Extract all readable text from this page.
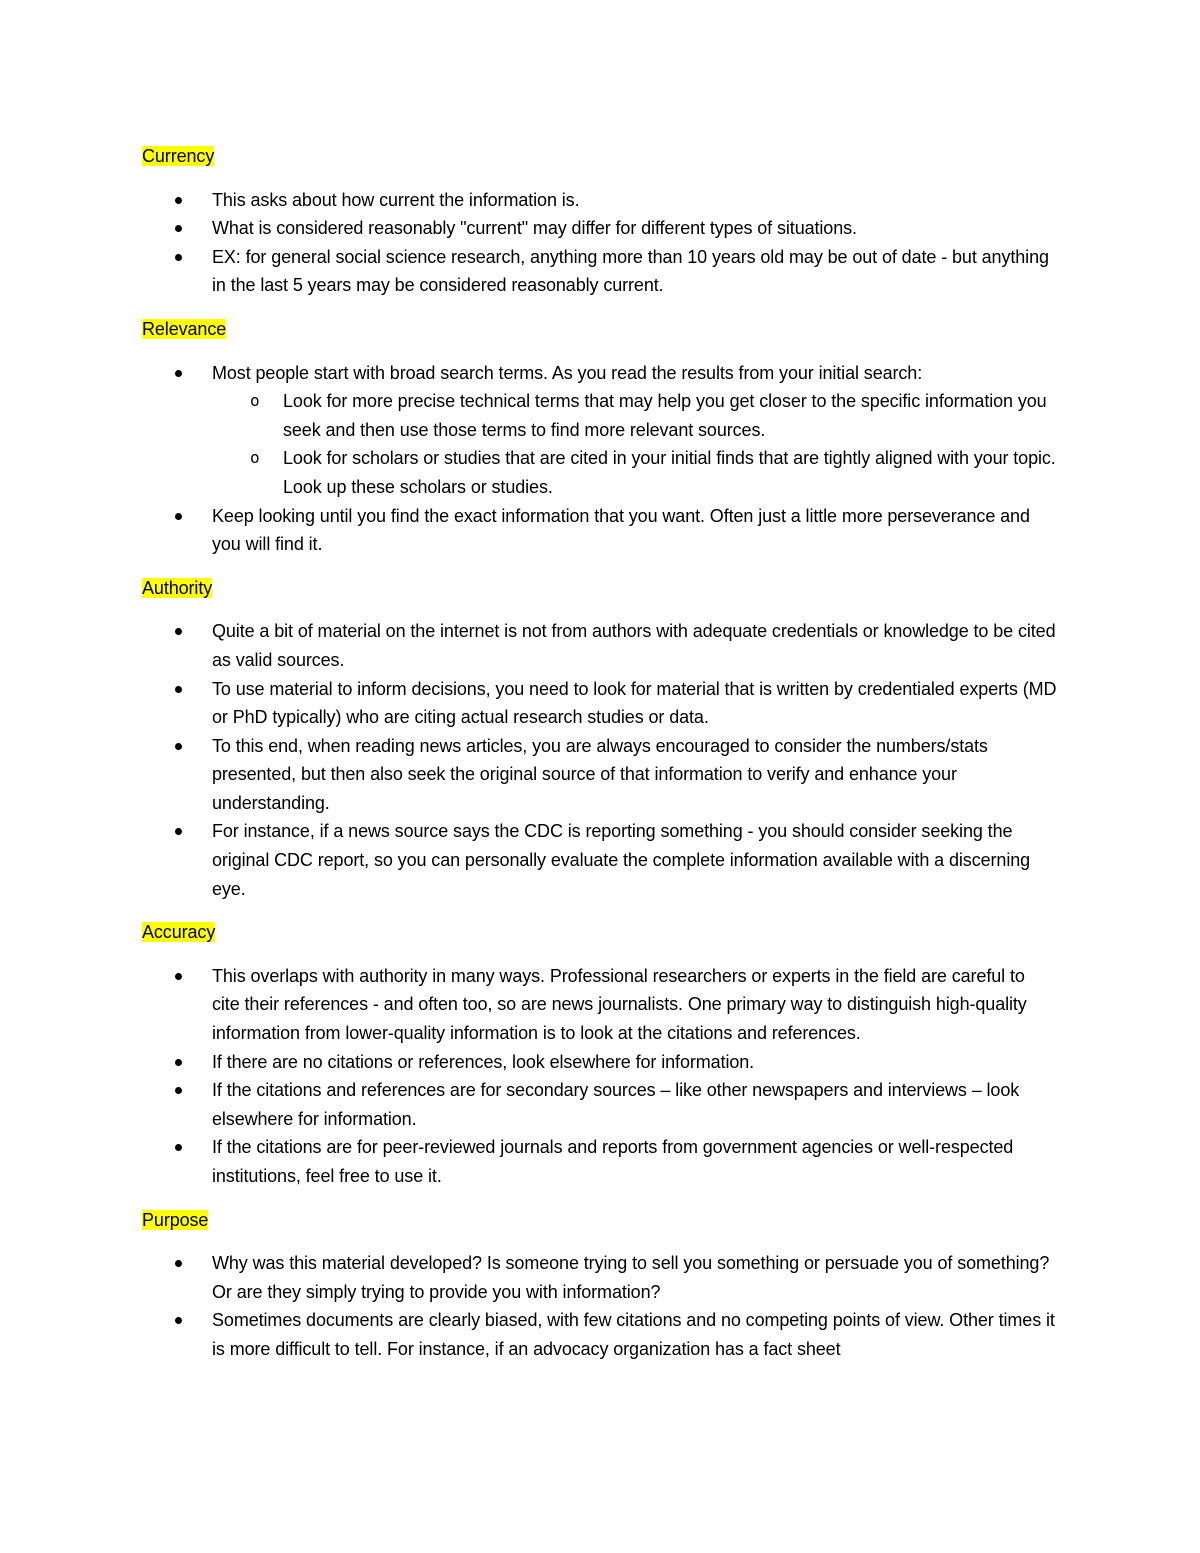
Currency
This asks about how current the information is.
What is considered reasonably "current" may differ for different types of situations.
EX: for general social science research, anything more than 10 years old may be out of date - but anything in the last 5 years may be considered reasonably current.
Relevance
Most people start with broad search terms. As you read the results from your initial search:
o Look for more precise technical terms that may help you get closer to the specific information you seek and then use those terms to find more relevant sources.
o Look for scholars or studies that are cited in your initial finds that are tightly aligned with your topic. Look up these scholars or studies.
Keep looking until you find the exact information that you want. Often just a little more perseverance and you will find it.
Authority
Quite a bit of material on the internet is not from authors with adequate credentials or knowledge to be cited as valid sources.
To use material to inform decisions, you need to look for material that is written by credentialed experts (MD or PhD typically) who are citing actual research studies or data.
To this end, when reading news articles, you are always encouraged to consider the numbers/stats presented, but then also seek the original source of that information to verify and enhance your understanding.
For instance, if a news source says the CDC is reporting something - you should consider seeking the original CDC report, so you can personally evaluate the complete information available with a discerning eye.
Accuracy
This overlaps with authority in many ways. Professional researchers or experts in the field are careful to cite their references - and often too, so are news journalists. One primary way to distinguish high-quality information from lower-quality information is to look at the citations and references.
If there are no citations or references, look elsewhere for information.
If the citations and references are for secondary sources – like other newspapers and interviews – look elsewhere for information.
If the citations are for peer-reviewed journals and reports from government agencies or well-respected institutions, feel free to use it.
Purpose
Why was this material developed? Is someone trying to sell you something or persuade you of something? Or are they simply trying to provide you with information?
Sometimes documents are clearly biased, with few citations and no competing points of view. Other times it is more difficult to tell. For instance, if an advocacy organization has a fact sheet
